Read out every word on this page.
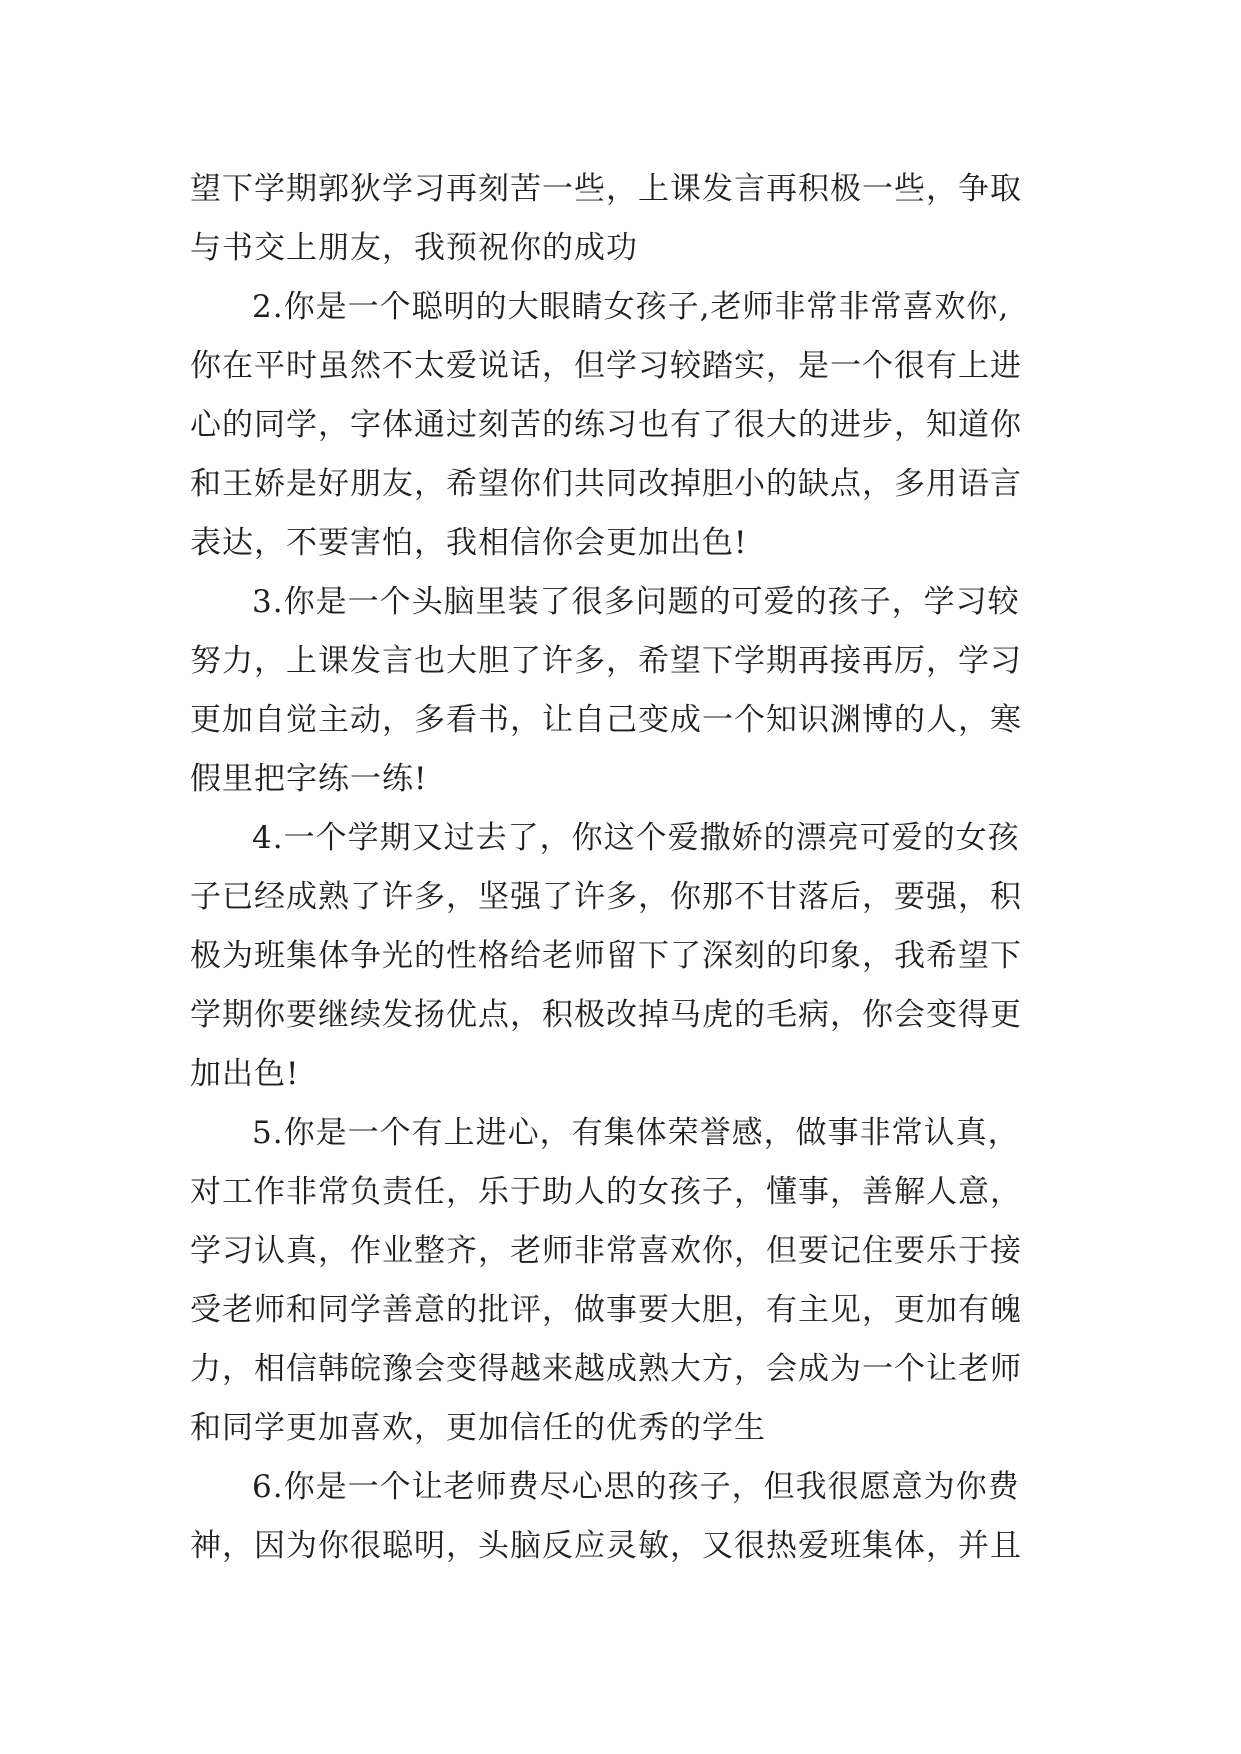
望下学期郭狄学习再刻苦一些，上课发言再积极一些，争取
与书交上朋友，我预祝你的成功
2.你是一个聪明的大眼睛女孩子,老师非常非常喜欢你,
你在平时虽然不太爱说话，但学习较踏实，是一个很有上进
心的同学，字体通过刻苦的练习也有了很大的进步，知道你
和王娇是好朋友，希望你们共同改掉胆小的缺点，多用语言
表达，不要害怕，我相信你会更加出色!
3.你是一个头脑里装了很多问题的可爱的孩子，学习较
努力，上课发言也大胆了许多，希望下学期再接再厉，学习
更加自觉主动，多看书，让自己变成一个知识渊博的人，寒
假里把字练一练!
4.一个学期又过去了，你这个爱撒娇的漂亮可爱的女孩
子已经成熟了许多，坚强了许多，你那不甘落后，要强，积
极为班集体争光的性格给老师留下了深刻的印象，我希望下
学期你要继续发扬优点，积极改掉马虎的毛病，你会变得更
加出色!
5.你是一个有上进心，有集体荣誉感，做事非常认真，
对工作非常负责任，乐于助人的女孩子，懂事，善解人意，
学习认真，作业整齐，老师非常喜欢你，但要记住要乐于接
受老师和同学善意的批评，做事要大胆，有主见，更加有魄
力，相信韩皖豫会变得越来越成熟大方，会成为一个让老师
和同学更加喜欢，更加信任的优秀的学生
6.你是一个让老师费尽心思的孩子，但我很愿意为你费
神，因为你很聪明，头脑反应灵敏，又很热爱班集体，并且
